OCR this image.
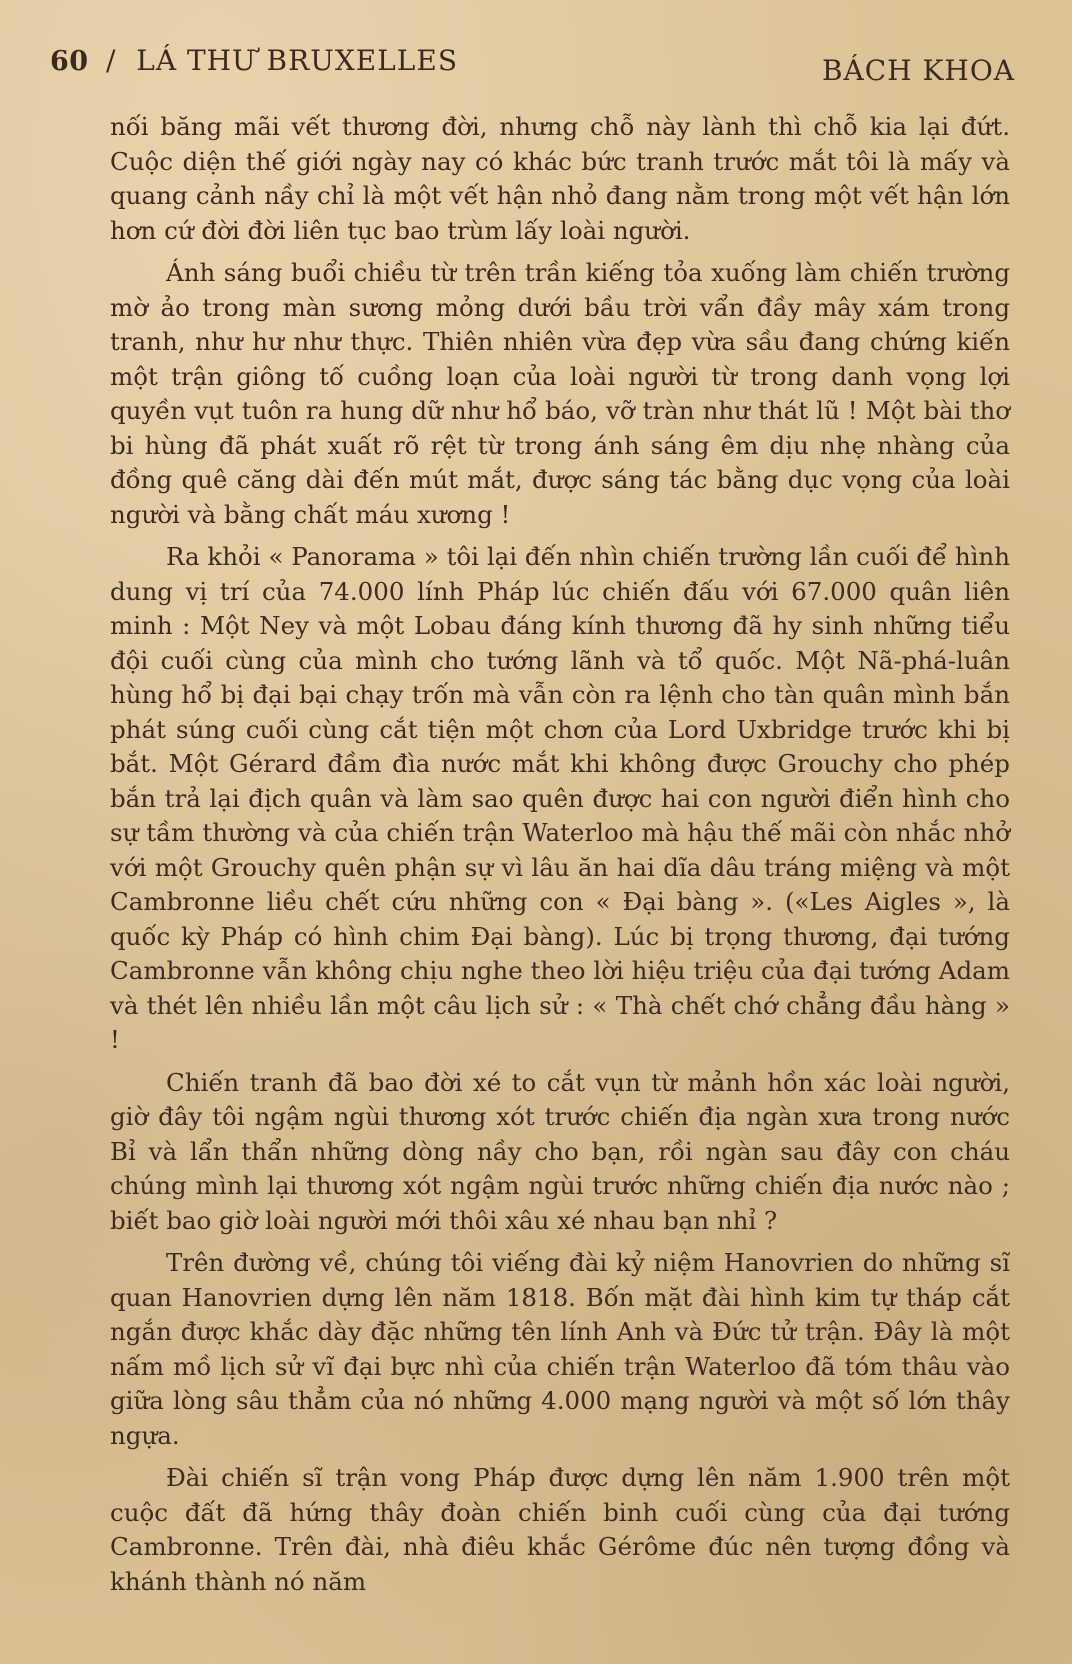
60 / LÁ THƯ BRUXELLES	BÁCH KHOA

nối băng mãi vết thương đời, nhưng chỗ này lành thì chỗ kia lại đứt. Cuộc diện thế giới ngày nay có khác bức tranh trước mắt tôi là mấy và quang cảnh nầy chỉ là một vết hận nhỏ đang nằm trong một vết hận lớn hơn cứ đời đời liên tục bao trùm lấy loài người.

Ánh sáng buổi chiều từ trên trần kiếng tỏa xuống làm chiến trường mờ ảo trong màn sương mỏng dưới bầu trời vẩn đầy mây xám trong tranh, như hư như thực. Thiên nhiên vừa đẹp vừa sầu đang chứng kiến một trận giông tố cuồng loạn của loài người từ trong danh vọng lợi quyền vụt tuôn ra hung dữ như hổ báo, vỡ tràn như thát lũ ! Một bài thơ bi hùng đã phát xuất rõ rệt từ trong ánh sáng êm dịu nhẹ nhàng của đồng quê căng dài đến mút mắt, được sáng tác bằng dục vọng của loài người và bằng chất máu xương !

Ra khỏi « Panorama » tôi lại đến nhìn chiến trường lần cuối để hình dung vị trí của 74.000 lính Pháp lúc chiến đấu với 67.000 quân liên minh : Một Ney và một Lobau đáng kính thương đã hy sinh những tiểu đội cuối cùng của mình cho tướng lãnh và tổ quốc. Một Nã-phá-luân hùng hổ bị đại bại chạy trốn mà vẫn còn ra lệnh cho tàn quân mình bắn phát súng cuối cùng cắt tiện một chơn của Lord Uxbridge trước khi bị bắt. Một Gérard đầm đìa nước mắt khi không được Grouchy cho phép bắn trả lại địch quân và làm sao quên được hai con người điển hình cho sự tầm thường và của chiến trận Waterloo mà hậu thế mãi còn nhắc nhở với một Grouchy quên phận sự vì lâu ăn hai dĩa dâu tráng miệng và một Cambronne liều chết cứu những con « Đại bàng ». («Les Aigles », là quốc kỳ Pháp có hình chim Đại bàng). Lúc bị trọng thương, đại tướng Cambronne vẫn không chịu nghe theo lời hiệu triệu của đại tướng Adam và thét lên nhiều lần một câu lịch sử : « Thà chết chớ chẳng đầu hàng » !

Chiến tranh đã bao đời xé to cắt vụn từ mảnh hồn xác loài người, giờ đây tôi ngậm ngùi thương xót trước chiến địa ngàn xưa trong nước Bỉ và lẩn thẩn những dòng nầy cho bạn, rồi ngàn sau đây con cháu chúng mình lại thương xót ngậm ngùi trước những chiến địa nước nào ; biết bao giờ loài người mới thôi xâu xé nhau bạn nhỉ ?

Trên đường về, chúng tôi viếng đài kỷ niệm Hanovrien do những sĩ quan Hanovrien dựng lên năm 1818. Bốn mặt đài hình kim tự tháp cắt ngắn được khắc dày đặc những tên lính Anh và Đức tử trận. Đây là một nấm mồ lịch sử vĩ đại bực nhì của chiến trận Waterloo đã tóm thâu vào giữa lòng sâu thẳm của nó những 4.000 mạng người và một số lớn thây ngựa.

Đài chiến sĩ trận vong Pháp được dựng lên năm 1.900 trên một cuộc đất đã hứng thây đoàn chiến binh cuối cùng của đại tướng Cambronne. Trên đài, nhà điêu khắc Gérôme đúc nên tượng đồng và khánh thành nó năm
